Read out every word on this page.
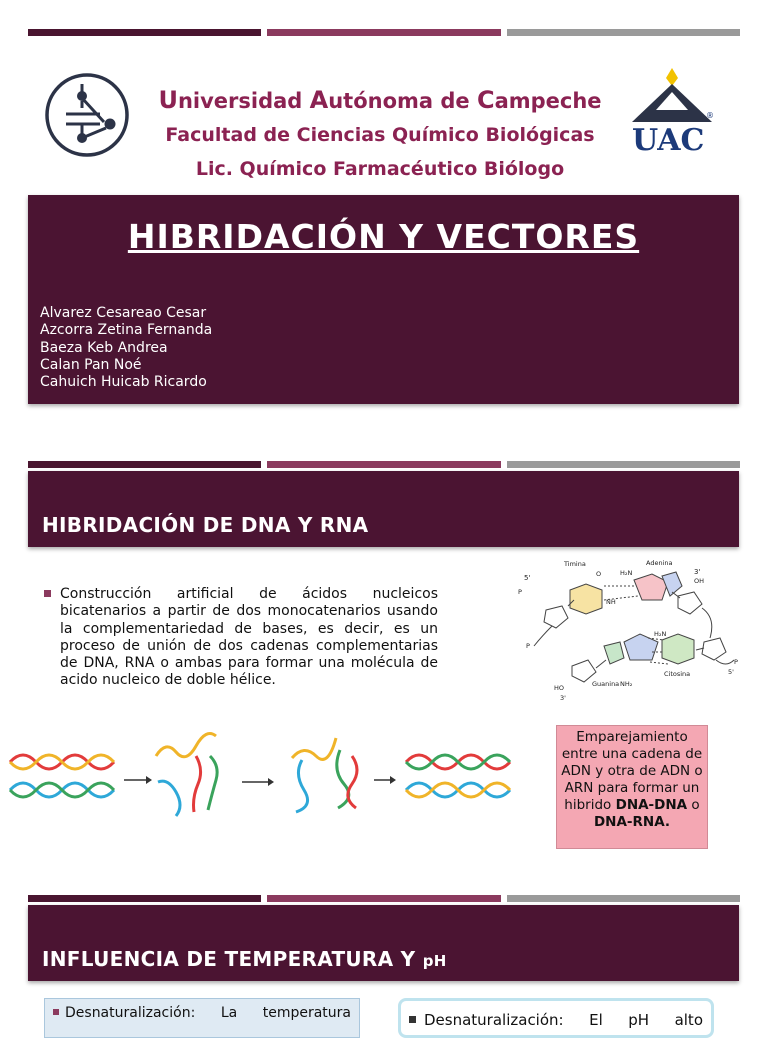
Universidad Autónoma de Campeche
Facultad de Ciencias Químico Biológicas
Lic. Químico Farmacéutico Biólogo
UAC
®
HIBRIDACIÓN Y VECTORES
Alvarez Cesareao Cesar
Azcorra Zetina Fernanda
Baeza Keb Andrea
Calan Pan Noé
Cahuich Huicab Ricardo
HIBRIDACIÓN DE DNA Y RNA

Construcción artificial de ácidos nucleicos bicatenarios a partir de dos monocatenarios usando la complementariedad de bases, es decir, es un proceso de unión de dos cadenas complementarias de DNA, RNA o ambas para formar una molécula de acido nucleico de doble hélice.

Timina	Adenina
5'
3'
OH
H₂N
O
NH
P
P
H₂N
NH₂
Guanina
Citosina
HO
3'
5'
P
Emparejamiento entre una cadena de ADN y otra de ADN o ARN para formar un hibrido DNA-DNA o DNA-RNA.
INFLUENCIA DE TEMPERATURA Y pH
Desnaturalización: La temperatura	Desnaturalización: El pH alto
